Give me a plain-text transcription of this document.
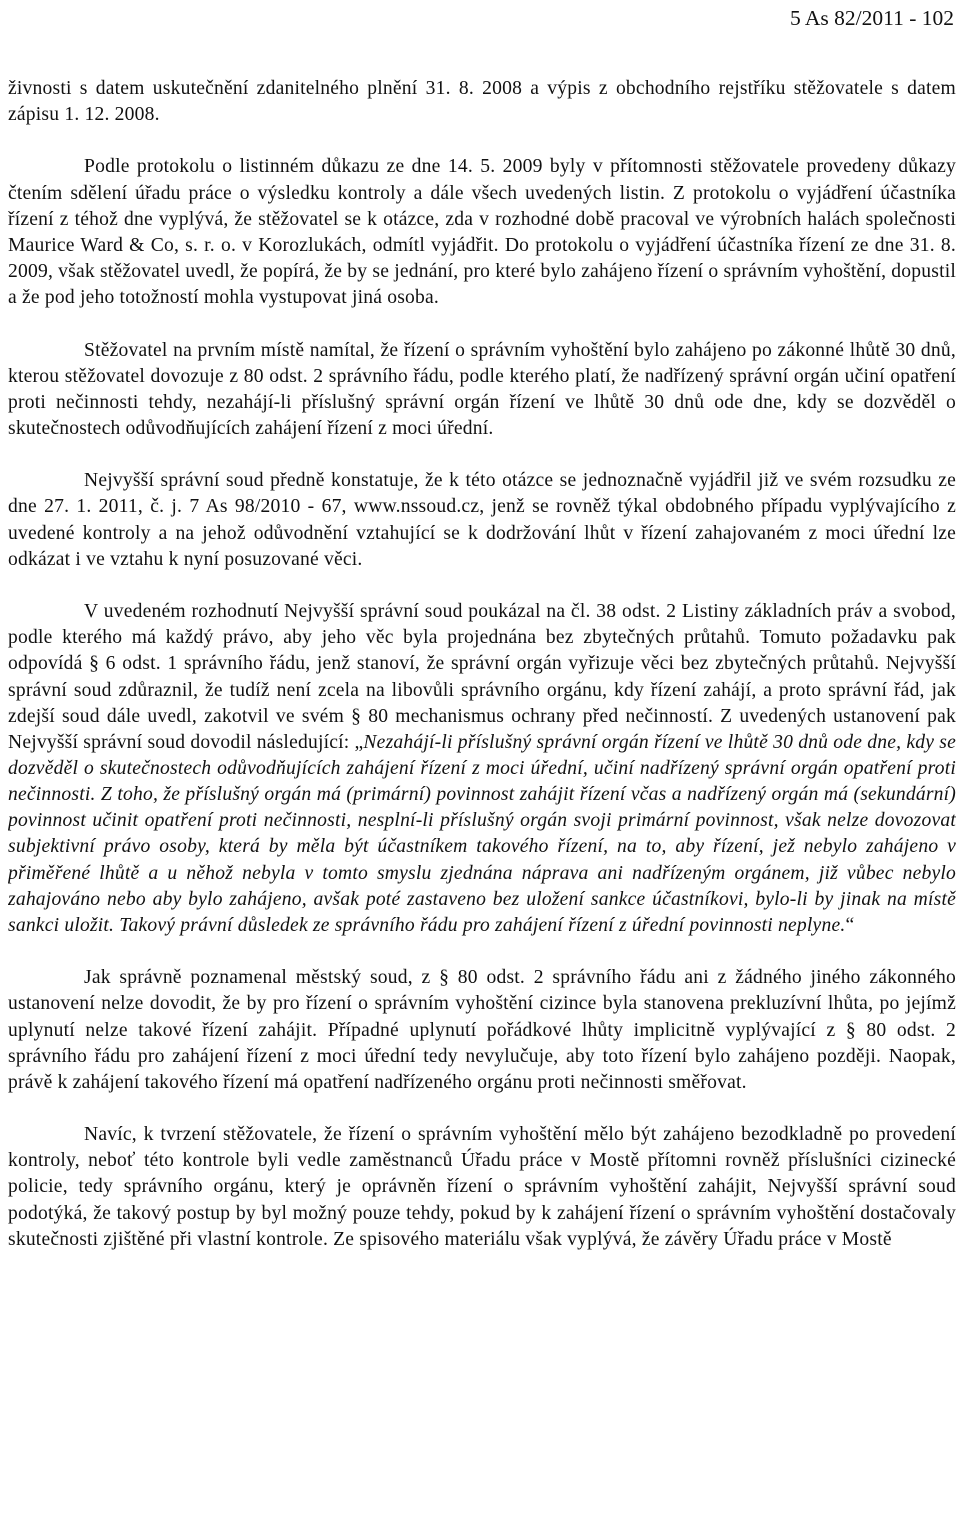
5 As 82/2011 - 102

živnosti s datem uskutečnění zdanitelného plnění 31. 8. 2008 a výpis z obchodního rejstříku stěžovatele s datem zápisu 1. 12. 2008.

Podle protokolu o listinném důkazu ze dne 14. 5. 2009 byly v přítomnosti stěžovatele provedeny důkazy čtením sdělení úřadu práce o výsledku kontroly a dále všech uvedených listin. Z protokolu o vyjádření účastníka řízení z téhož dne vyplývá, že stěžovatel se k otázce, zda v rozhodné době pracoval ve výrobních halách společnosti Maurice Ward & Co, s. r. o. v Korozlukách, odmítl vyjádřit. Do protokolu o vyjádření účastníka řízení ze dne 31. 8. 2009, však stěžovatel uvedl, že popírá, že by se jednání, pro které bylo zahájeno řízení o správním vyhoštění, dopustil a že pod jeho totožností mohla vystupovat jiná osoba.

Stěžovatel na prvním místě namítal, že řízení o správním vyhoštění bylo zahájeno po zákonné lhůtě 30 dnů, kterou stěžovatel dovozuje z 80 odst. 2 správního řádu, podle kterého platí, že nadřízený správní orgán učiní opatření proti nečinnosti tehdy, nezahájí-li příslušný správní orgán řízení ve lhůtě 30 dnů ode dne, kdy se dozvěděl o skutečnostech odůvodňujících zahájení řízení z moci úřední.

Nejvyšší správní soud předně konstatuje, že k této otázce se jednoznačně vyjádřil již ve svém rozsudku ze dne 27. 1. 2011, č. j. 7 As 98/2010 - 67, www.nssoud.cz, jenž se rovněž týkal obdobného případu vyplývajícího z uvedené kontroly a na jehož odůvodnění vztahující se k dodržování lhůt v řízení zahajovaném z moci úřední lze odkázat i ve vztahu k nyní posuzované věci.

V uvedeném rozhodnutí Nejvyšší správní soud poukázal na čl. 38 odst. 2 Listiny základních práv a svobod, podle kterého má každý právo, aby jeho věc byla projednána bez zbytečných průtahů. Tomuto požadavku pak odpovídá § 6 odst. 1 správního řádu, jenž stanoví, že správní orgán vyřizuje věci bez zbytečných průtahů. Nejvyšší správní soud zdůraznil, že tudíž není zcela na libovůli správního orgánu, kdy řízení zahájí, a proto správní řád, jak zdejší soud dále uvedl, zakotvil ve svém § 80 mechanismus ochrany před nečinností. Z uvedených ustanovení pak Nejvyšší správní soud dovodil následující: „Nezahájí-li příslušný správní orgán řízení ve lhůtě 30 dnů ode dne, kdy se dozvěděl o skutečnostech odůvodňujících zahájení řízení z moci úřední, učiní nadřízený správní orgán opatření proti nečinnosti. Z toho, že příslušný orgán má (primární) povinnost zahájit řízení včas a nadřízený orgán má (sekundární) povinnost učinit opatření proti nečinnosti, nesplní-li příslušný orgán svoji primární povinnost, však nelze dovozovat subjektivní právo osoby, která by měla být účastníkem takového řízení, na to, aby řízení, jež nebylo zahájeno v přiměřené lhůtě a u něhož nebyla v tomto smyslu zjednána náprava ani nadřízeným orgánem, již vůbec nebylo zahajováno nebo aby bylo zahájeno, avšak poté zastaveno bez uložení sankce účastníkovi, bylo-li by jinak na místě sankci uložit. Takový právní důsledek ze správního řádu pro zahájení řízení z úřední povinnosti neplyne.“

Jak správně poznamenal městský soud, z § 80 odst. 2 správního řádu ani z žádného jiného zákonného ustanovení nelze dovodit, že by pro řízení o správním vyhoštění cizince byla stanovena prekluzívní lhůta, po jejímž uplynutí nelze takové řízení zahájit. Případné uplynutí pořádkové lhůty implicitně vyplývající z § 80 odst. 2 správního řádu pro zahájení řízení z moci úřední tedy nevylučuje, aby toto řízení bylo zahájeno později. Naopak, právě k zahájení takového řízení má opatření nadřízeného orgánu proti nečinnosti směřovat.

Navíc, k tvrzení stěžovatele, že řízení o správním vyhoštění mělo být zahájeno bezodkladně po provedení kontroly, neboť této kontrole byli vedle zaměstnanců Úřadu práce v Mostě přítomni rovněž příslušníci cizinecké policie, tedy správního orgánu, který je oprávněn řízení o správním vyhoštění zahájit, Nejvyšší správní soud podotýká, že takový postup by byl možný pouze tehdy, pokud by k zahájení řízení o správním vyhoštění dostačovaly skutečnosti zjištěné při vlastní kontrole. Ze spisového materiálu však vyplývá, že závěry Úřadu práce v Mostě
